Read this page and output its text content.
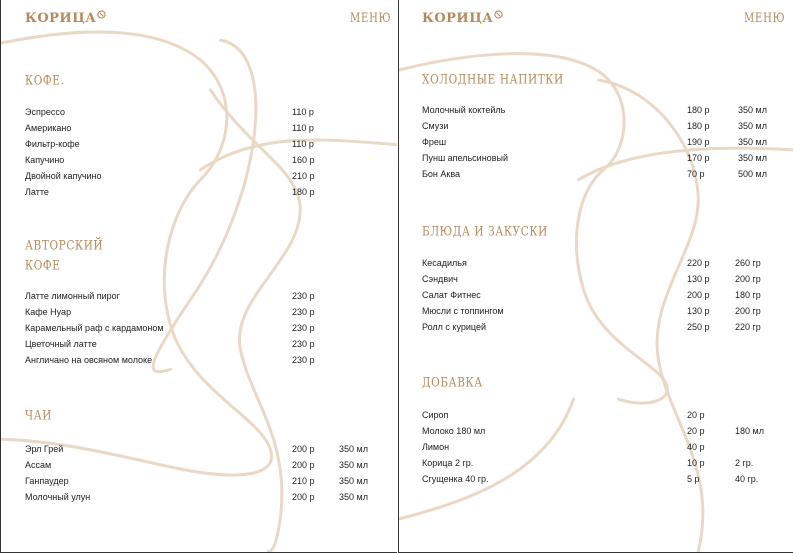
КОРИЦА	МЕНЮ
КОФЕ.
Эспрессо	110 р
Американо	110 р
Фильтр-кофе	110 р
Капучино	160 р
Двойной капучино	210 р
Латте	180 р
АВТОРСКИЙ
КОФЕ
Латте лимонный пирог	230 р
Кафе Нуар	230 р
Карамельный раф с кардамоном	230 р
Цветочный латте	230 р
Англичано на овсяном молоке	230 р
ЧАИ
Эрл Грей	200 р	350 мл
Ассам	200 р	350 мл
Ганпаудер	210 р	350 мл
Молочный улун	200 р	350 мл
КОРИЦА	МЕНЮ
ХОЛОДНЫЕ НАПИТКИ
Молочный коктейль	180 р	350 мл
Смузи	180 р	350 мл
Фреш	190 р	350 мл
Пунш апельсиновый	170 р	350 мл
Бон Аква	70 р	500 мл
БЛЮДА И ЗАКУСКИ
Кесадилья	220 р	260 гр
Сэндвич	130 р	200 гр
Салат Фитнес	200 р	180 гр
Мюсли с топпингом	130 р	200 гр
Ролл с курицей	250 р	220 гр
ДОБАВКА
Сироп	20 р
Молоко 180 мл	20 р	180 мл
Лимон	40 р
Корица 2 гр.	10 р	2 гр.
Сгущенка 40 гр.	5 р	40 гр.
